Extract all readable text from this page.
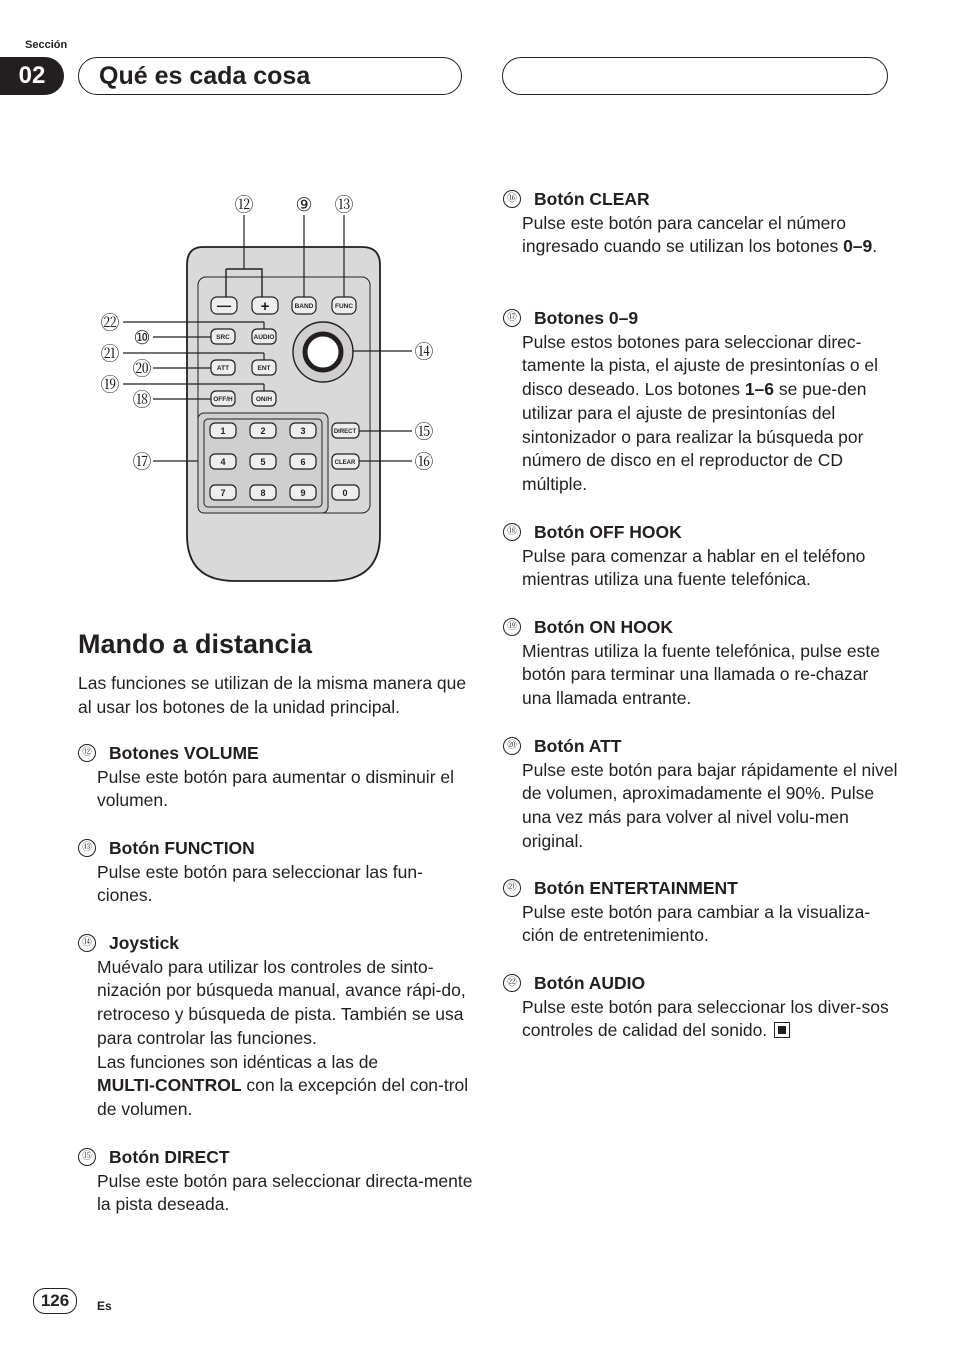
Sección
02	Qué es cada cosa
— +	BAND	FUNC
SRC	AUDIO
ATT	ENT
OFF/H	ON/H
DIRECT
CLEAR
1	2	3
4	5	6
7	8	9	0
⑫ ⑨ ⑬
㉒
⑩
㉑
⑳
⑲
⑱
⑰
⑭
⑮
⑯
Mando a distancia
Las funciones se utilizan de la misma manera que al usar los botones de la unidad principal.
⑫ Botones VOLUME
Pulse este botón para aumentar o disminuir el volumen.
⑬ Botón FUNCTION
Pulse este botón para seleccionar las fun-ciones.
⑭ Joystick
Muévalo para utilizar los controles de sinto-nización por búsqueda manual, avance rápi-do, retroceso y búsqueda de pista. También se usa para controlar las funciones.
Las funciones son idénticas a las de
MULTI-CONTROL con la excepción del con-trol de volumen.
⑮ Botón DIRECT
Pulse este botón para seleccionar directa-mente la pista deseada.
⑯ Botón CLEAR
Pulse este botón para cancelar el número ingresado cuando se utilizan los botones 0–9.
⑰ Botones 0–9
Pulse estos botones para seleccionar direc-tamente la pista, el ajuste de presintonías o el disco deseado. Los botones 1–6 se pue-den utilizar para el ajuste de presintonías del sintonizador o para realizar la búsqueda por número de disco en el reproductor de CD múltiple.
⑱ Botón OFF HOOK
Pulse para comenzar a hablar en el teléfono mientras utiliza una fuente telefónica.
⑲ Botón ON HOOK
Mientras utiliza la fuente telefónica, pulse este botón para terminar una llamada o re-chazar una llamada entrante.
⑳ Botón ATT
Pulse este botón para bajar rápidamente el nivel de volumen, aproximadamente el 90%. Pulse una vez más para volver al nivel volu-men original.
㉑ Botón ENTERTAINMENT
Pulse este botón para cambiar a la visualiza-ción de entretenimiento.
㉒ Botón AUDIO
Pulse este botón para seleccionar los diver-sos controles de calidad del sonido.
126	Es
